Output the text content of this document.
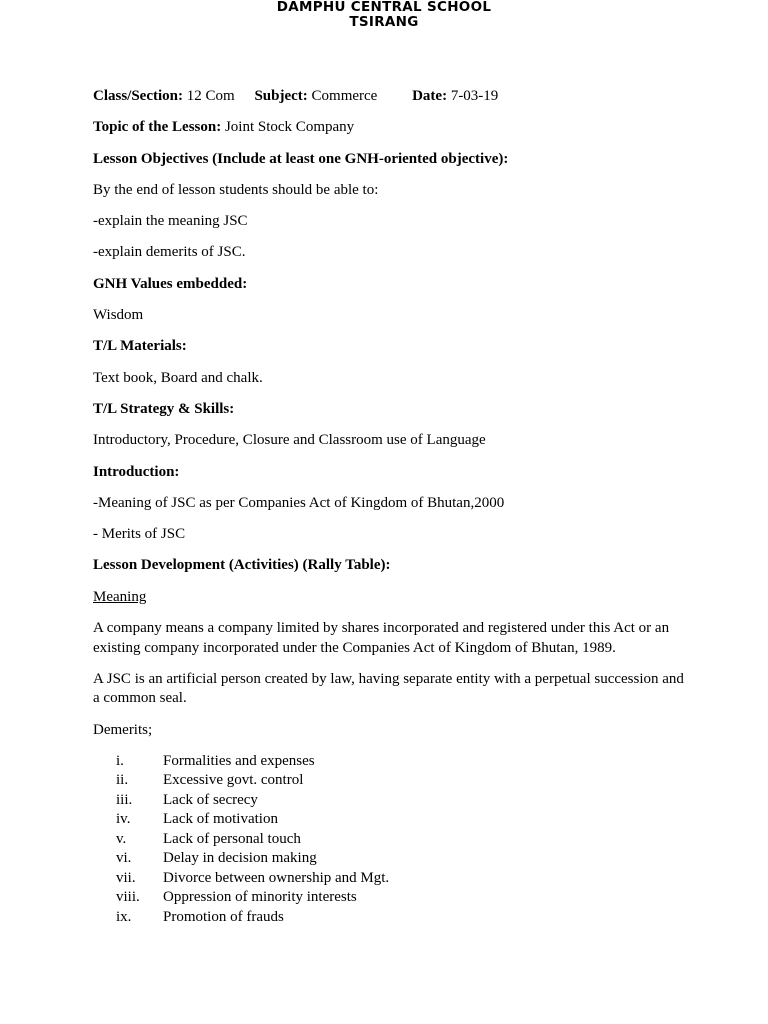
DAMPHU CENTRAL SCHOOL
TSIRANG

Class/Section: 12 Com Subject: Commerce Date: 7-03-19

Topic of the Lesson: Joint Stock Company

Lesson Objectives (Include at least one GNH-oriented objective):

By the end of lesson students should be able to:

-explain the meaning JSC

-explain demerits of JSC.

GNH Values embedded:

Wisdom

T/L Materials:

Text book, Board and chalk.

T/L Strategy & Skills:

Introductory, Procedure, Closure and Classroom use of Language

Introduction:

-Meaning of JSC as per Companies Act of Kingdom of Bhutan,2000

- Merits of JSC

Lesson Development (Activities) (Rally Table):

Meaning

A company means a company limited by shares incorporated and registered under this Act or an existing company incorporated under the Companies Act of Kingdom of Bhutan, 1989.

A JSC is an artificial person created by law, having separate entity with a perpetual succession and a common seal.

Demerits;

i.	Formalities and expenses
ii.	Excessive govt. control
iii.	Lack of secrecy
iv.	Lack of motivation
v.	Lack of personal touch
vi.	Delay in decision making
vii.	Divorce between ownership and Mgt.
viii.	Oppression of minority interests
ix.	Promotion of frauds
